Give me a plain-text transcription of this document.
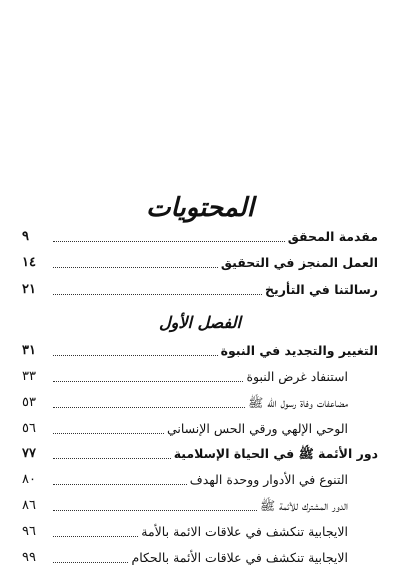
المحتويات
مقدمة المحقق
٩
العمل المنجز في التحقيق
١٤
رسالتنا في التأريخ
٢١
الفصل الأول
التغيير والتجديد في النبوة
٣١
استنفاد غرض النبوة
٣٣
مضاعفات وفاة رسول الله ﷺ
٥٣
الوحي الإلهي ورقي الحس الإنساني
٥٦
دور الأئمة ﷺ في الحياة الإسلامية
٧٧
التنوع في الأدوار ووحدة الهدف
٨٠
الدور المشترك للأئمة ﷺ
٨٦
الايجابية تنكشف في علاقات الائمة بالأمة
٩٦
الايجابية تنكشف في علاقات الأئمة بالحكام
٩٩
